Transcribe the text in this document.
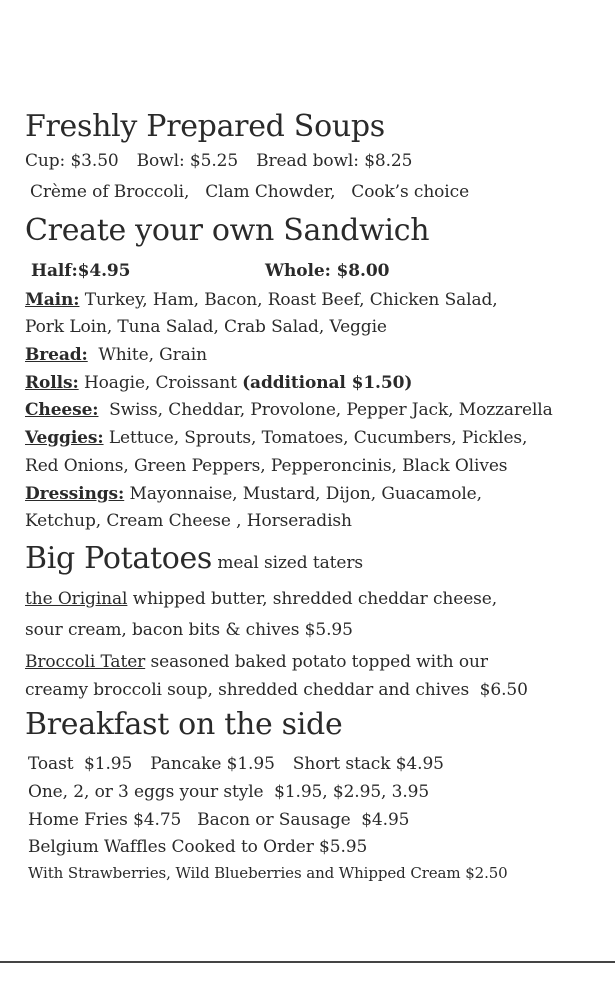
Freshly Prepared Soups
Cup: $3.50 Bowl: $5.25 Bread bowl: $8.25
Crème of Broccoli,   Clam Chowder,   Cook’s choice
Create your own Sandwich
Half:$4.95	Whole: $8.00
Main: Turkey, Ham, Bacon, Roast Beef, Chicken Salad,
Pork Loin, Tuna Salad, Crab Salad, Veggie
Bread:  White, Grain
Rolls: Hoagie, Croissant (additional $1.50)
Cheese:  Swiss, Cheddar, Provolone, Pepper Jack, Mozzarella
Veggies: Lettuce, Sprouts, Tomatoes, Cucumbers, Pickles,
Red Onions, Green Peppers, Pepperoncinis, Black Olives
Dressings: Mayonnaise, Mustard, Dijon, Guacamole,
Ketchup, Cream Cheese , Horseradish
Big Potatoes meal sized taters
the Original whipped butter, shredded cheddar cheese,
sour cream, bacon bits & chives $5.95
Broccoli Tater seasoned baked potato topped with our
creamy broccoli soup, shredded cheddar and chives  $6.50
Breakfast on the side
Toast  $1.95 Pancake $1.95 Short stack $4.95
One, 2, or 3 eggs your style  $1.95, $2.95, 3.95
Home Fries $4.75   Bacon or Sausage  $4.95
Belgium Waffles Cooked to Order $5.95
With Strawberries, Wild Blueberries and Whipped Cream $2.50
